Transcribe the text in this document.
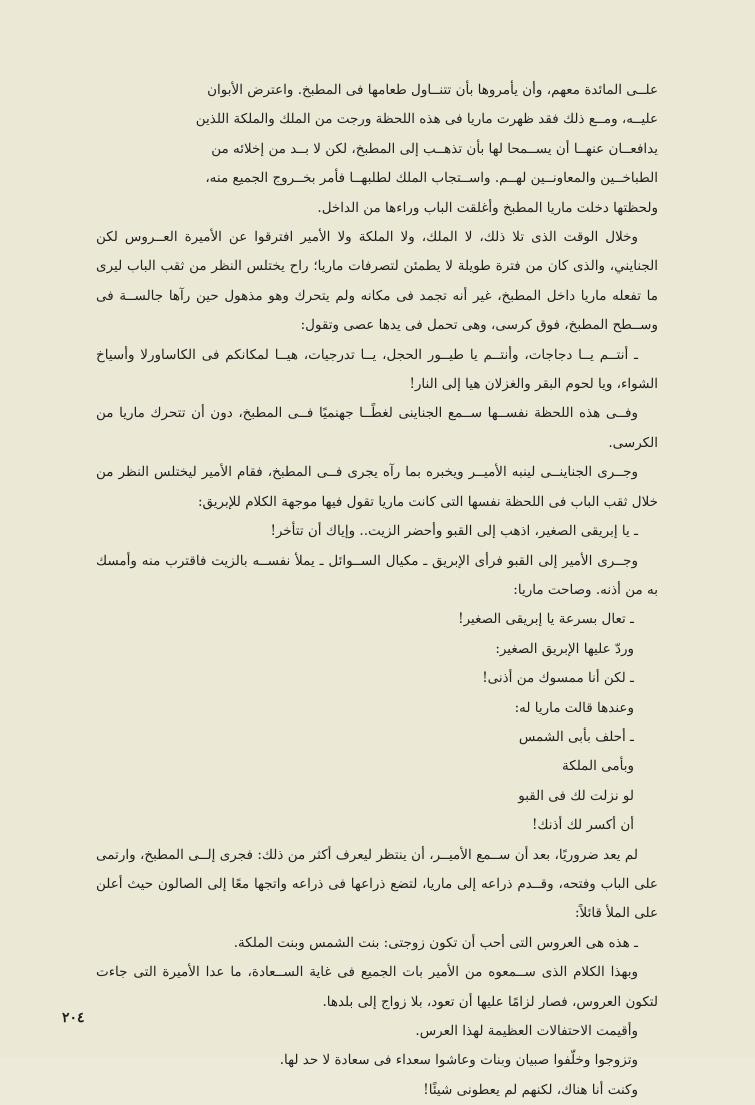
علــى المائدة معهم، وأن يأمروها بأن تتنــاول طعامها فى المطبخ. واعترض الأبوان

عليــه، ومــع ذلك فقد ظهرت ماريا فى هذه اللحظة ورجت من الملك والملكة اللذين

يدافعــان عنهــا أن يســمحا لها بأن تذهــب إلى المطبخ، لكن لا بــد من إخلائه من

الطباخــين والمعاونــين لهــم. واســتجاب الملك لطلبهــا فأمر بخــروج الجميع منه،

ولحظتها دخلت ماريا المطبخ وأغلقت الباب وراءها من الداخل.

وخلال الوقت الذى تلا ذلك، لا الملك، ولا الملكة ولا الأمير افترقوا عن الأميرة العــروس لكن الجنايني، والذى كان من فترة طويلة لا يطمئن لتصرفات ماريا؛ راح يختلس النظر من ثقب الباب ليرى ما تفعله ماريا داخل المطبخ، غير أنه تجمد فى مكانه ولم يتحرك وهو مذهول حين رآها جالســة فى وســطح المطبخ، فوق كرسى، وهى تحمل فى يدها عصى وتقول:

ـ أنتــم يــا دجاجات، وأنتــم يا طيــور الحجل، يــا تدرجيات، هيــا لمكانكم فى الكاساورلا وأسياخ الشواء، ويا لحوم البقر والغزلان هيا إلى النار!

وفــى هذه اللحظة نفســها ســمع الجناينى لغطًــا جهنميًا فــى المطبخ، دون أن تتحرك ماريا من الكرسى.

وجــرى الجناينــى لينبه الأميــر ويخبره بما رآه يجرى فــى المطبخ، فقام الأمير ليختلس النظر من خلال ثقب الباب فى اللحظة نفسها التى كانت ماريا تقول فيها موجهة الكلام للإبريق:

ـ يا إبريقى الصغير، اذهب إلى القبو وأحضر الزيت.. وإياك أن تتأخر!

وجــرى الأمير إلى القبو فرأى الإبريق ـ مكيال الســوائل ـ يملأ نفســه بالزيت فاقترب منه وأمسك به من أذنه. وصاحت ماريا:

ـ تعال بسرعة يا إبريقى الصغير!

وردّ عليها الإبريق الصغير:

ـ لكن أنا ممسوك من أذنى!

وعندها قالت ماريا له:

ـ أحلف بأبى الشمس

وبأمى الملكة

لو نزلت لك فى القبو

أن أكسر لك أذنك!

لم يعد ضروريًا، بعد أن ســمع الأميــر، أن ينتظر ليعرف أكثر من ذلك: فجرى إلــى المطبخ، وارتمى على الباب وفتحه، وقــدم ذراعه إلى ماريا، لتضع ذراعها فى ذراعه واتجها معًا إلى الصالون حيث أعلن على الملأ قائلاً:

ـ هذه هى العروس التى أحب أن تكون زوجتى: بنت الشمس وبنت الملكة.

وبهذا الكلام الذى ســمعوه من الأمير بات الجميع فى غاية الســعادة، ما عدا الأميرة التى جاءت لتكون العروس، فصار لزامًا عليها أن تعود، بلا زواج إلى بلدها.

وأقيمت الاحتفالات العظيمة لهذا العرس.

وتزوجوا وخلّفوا صبيان وبنات وعاشوا سعداء فى سعادة لا حد لها.

وكنت أنا هناك، لكنهم لم يعطونى شيئًا!

٢٠٤
